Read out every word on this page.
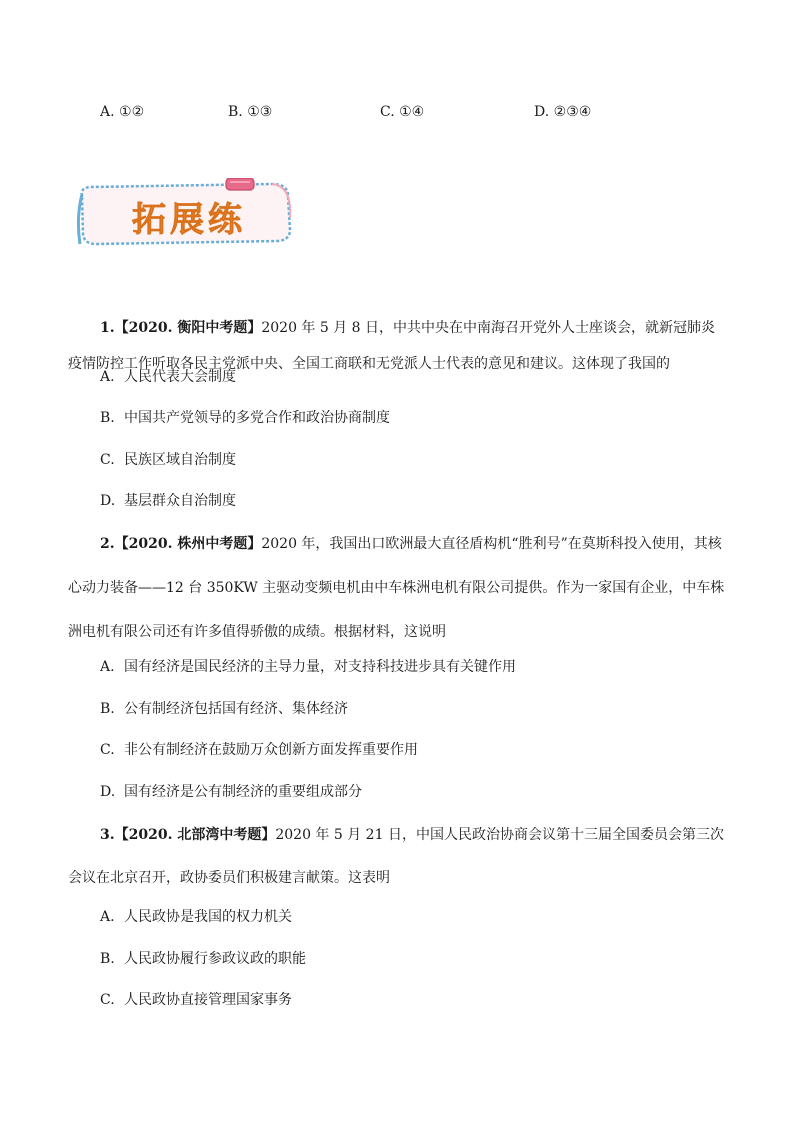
A. ①②	B. ①③	C. ①④	D. ②③④
拓展练
1.【2020. 衡阳中考题】2020 年 5 月 8 日，中共中央在中南海召开党外人士座谈会，就新冠肺炎
疫情防控工作听取各民主党派中央、全国工商联和无党派人士代表的意见和建议。这体现了我国的
A. 人民代表大会制度
B. 中国共产党领导的多党合作和政治协商制度
C. 民族区域自治制度
D. 基层群众自治制度
2.【2020. 株州中考题】2020 年，我国出口欧洲最大直径盾构机“胜利号”在莫斯科投入使用，其核
心动力装备——12 台 350KW 主驱动变频电机由中车株洲电机有限公司提供。作为一家国有企业，中车株
洲电机有限公司还有许多值得骄傲的成绩。根据材料，这说明
A. 国有经济是国民经济的主导力量，对支持科技进步具有关键作用
B. 公有制经济包括国有经济、集体经济
C. 非公有制经济在鼓励万众创新方面发挥重要作用
D. 国有经济是公有制经济的重要组成部分
3.【2020. 北部湾中考题】2020 年 5 月 21 日，中国人民政治协商会议第十三届全国委员会第三次
会议在北京召开，政协委员们积极建言献策。这表明
A. 人民政协是我国的权力机关
B. 人民政协履行参政议政的职能
C. 人民政协直接管理国家事务
